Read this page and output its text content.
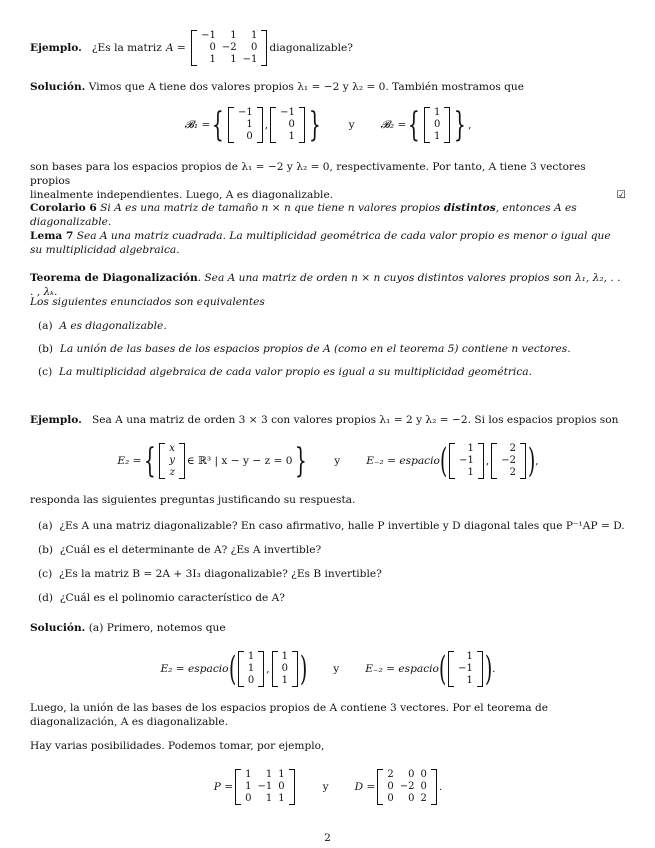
Ejemplo. ¿Es la matriz A =
−1	1	1
0	−2	0
1	1	−1
diagonalizable?
Solución. Vimos que A tiene dos valores propios λ₁ = −2 y λ₂ = 0. También mostramos que
𝓑₁ = { −1
1
0
,
−1
0
1 }	y 𝓑₂ = { 1
0
1 } ,
son bases para los espacios propios de λ₁ = −2 y λ₂ = 0, respectivamente. Por tanto, A tiene 3 vectores propios
linealmente independientes. Luego, A es diagonalizable.	☑
Corolario 6 Si A es una matriz de tamaño n × n que tiene n valores propios distintos, entonces A es diagonalizable.
Lema 7 Sea A una matriz cuadrada. La multiplicidad geométrica de cada valor propio es menor o igual que su multiplicidad algebraica.
Teorema de Diagonalización. Sea A una matriz de orden n × n cuyos distintos valores propios son λ₁, λ₂, . . . , λₖ.
Los siguientes enunciados son equivalentes
(a) A es diagonalizable.
(b) La unión de las bases de los espacios propios de A (como en el teorema 5) contiene n vectores.
(c) La multiplicidad algebraica de cada valor propio es igual a su multiplicidad geométrica.
Ejemplo. Sea A una matriz de orden 3 × 3 con valores propios λ₁ = 2 y λ₂ = −2. Si los espacios propios son
E₂ = { x
y
z
∈ ℝ³ | x − y − z = 0 }	y E₋₂ = espacio ( 1
−1
1
,
2
−2
2 ) ,
responda las siguientes preguntas justificando su respuesta.
(a) ¿Es A una matriz diagonalizable? En caso afirmativo, halle P invertible y D diagonal tales que P⁻¹AP = D.
(b) ¿Cuál es el determinante de A? ¿Es A invertible?
(c) ¿Es la matriz B = 2A + 3I₃ diagonalizable? ¿Es B invertible?
(d) ¿Cuál es el polinomio característico de A?
Solución. (a) Primero, notemos que
E₂ = espacio ( 1
1
0
,
1
0
1 ) y E₋₂ = espacio ( 1
−1
1 ) .
Luego, la unión de las bases de los espacios propios de A contiene 3 vectores. Por el teorema de diagonalización, A es diagonalizable.
Hay varias posibilidades. Podemos tomar, por ejemplo,
P =
1	1	1
1	−1	0
0	1	1
y D =
2	0	0
0	−2	0
0	0	2
.
2
